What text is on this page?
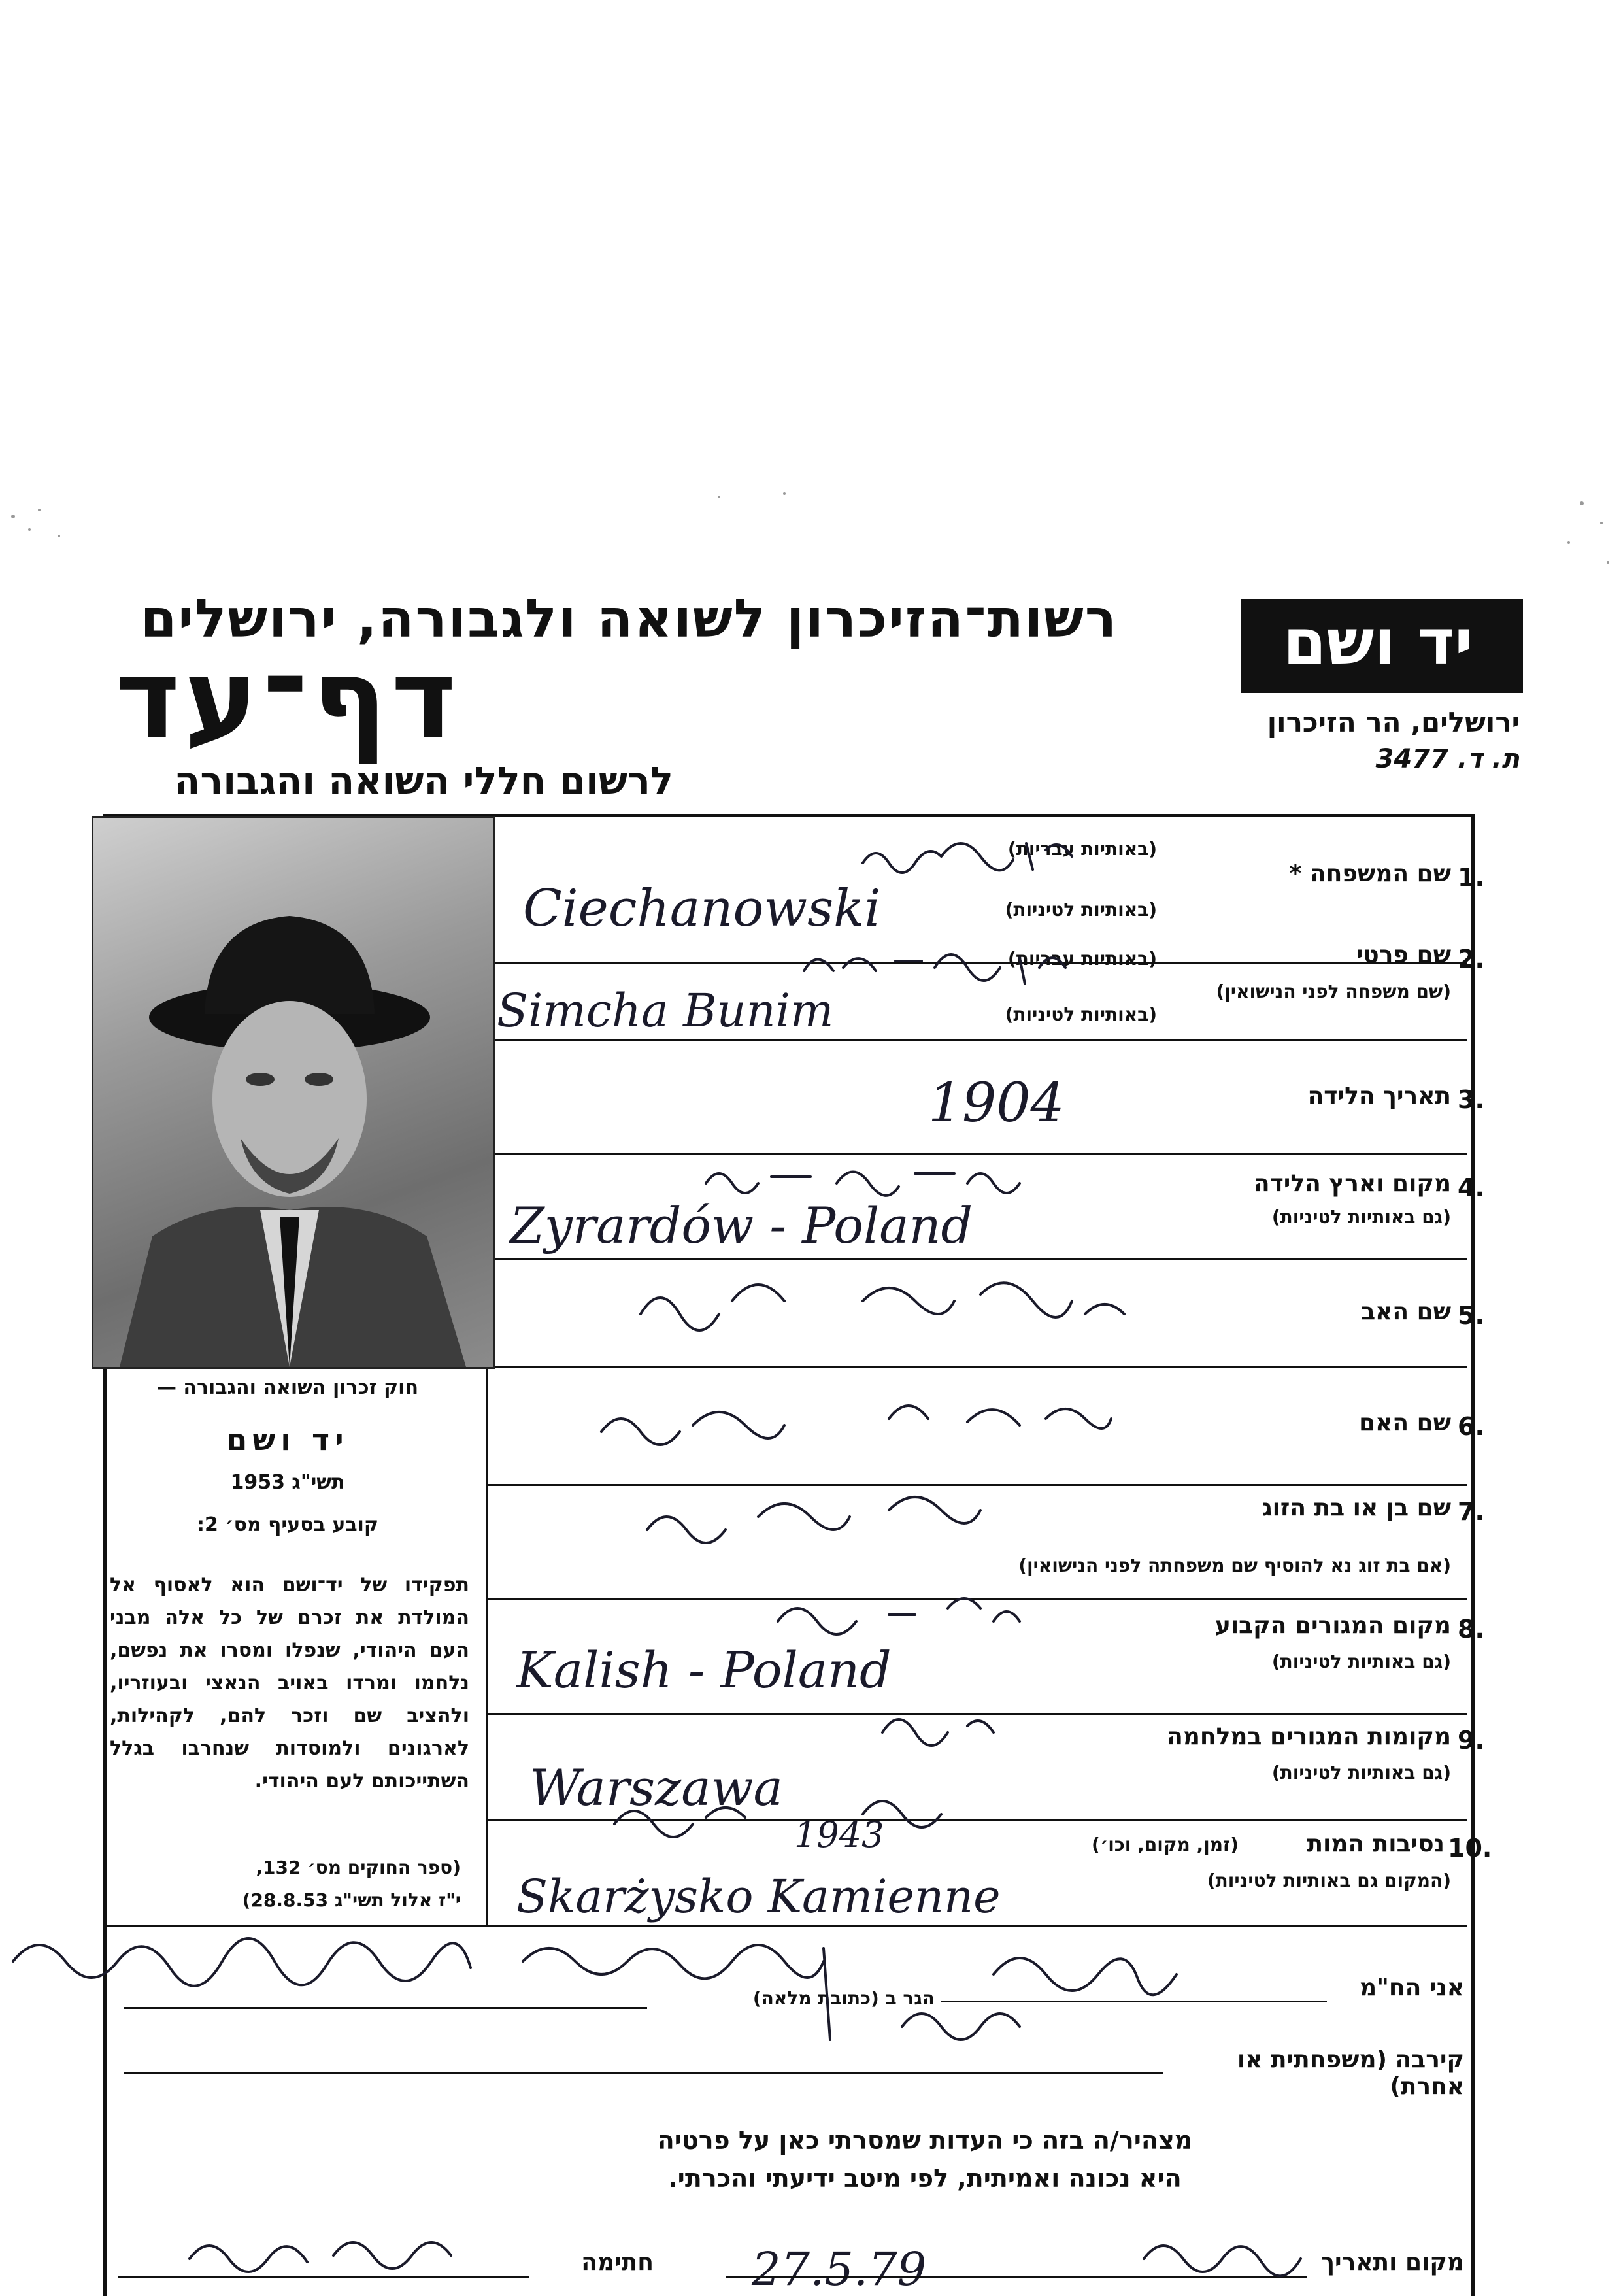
רשות־הזיכרון לשואה ולגבורה, ירושלים
דף־עד
לרשום חללי השואה והגבורה
יד ושם
ירושלים, הר הזיכרון
ת. ד. 3477
חוק זכרון השואה והגבורה —
יד ושם
תשי"ג 1953
קובע בסעיף מס׳ 2:
תפקידו של יד־ושם הוא לאסוף אל המולדת את זכרם של כל אלה מבני העם היהודי, שנפלו ומסרו את נפשם, נלחמו ומרדו באויב הנאצי ובעוזריו, ולהציב שם וזכר להם, לקהילות, לארגונים ולמוסדות שנחרבו בגלל השתייכותם לעם היהודי.
(ספר החוקים מס׳ 132,
י"ז אלול תשי"ג 28.8.53)
1.
שם המשפחה *
(באותיות עבריות)
(באותיות לטיניות)
2.
שם פרטי
(שם משפחה לפני הנישואין)
(באותיות עבריות)
(באותיות לטיניות)
3.
תאריך הלידה
4.
מקום וארץ הלידה
(גם באותיות לטיניות)
5.
שם האב
6.
שם האם
7.
שם בן או בת הזוג
(אם בת זוג נא להוסיף שם משפחתה לפני הנישואין)
8.
מקום המגורים הקבוע
(גם באותיות לטיניות)
9.
מקומות המגורים במלחמה
(גם באותיות לטיניות)
10.
נסיבות המות
(זמן, מקום, וכו׳)
(המקום גם באותיות לטיניות)
Ciechanowski
Simcha Bunim
1904
Zyrardów - Poland
Kalish - Poland
Warszawa
1943
Skarżysko Kamienne
27.5.79
אני הח"מ
הגר ב (כתובת מלאה)
קירבה (משפחתית או אחרת)
מצהיר/ה בזה כי העדות שמסרתי כאן על פרטיה
היא נכונה ואמיתית, לפי מיטב ידיעתי והכרתי.
מקום ותאריך
חתימה
